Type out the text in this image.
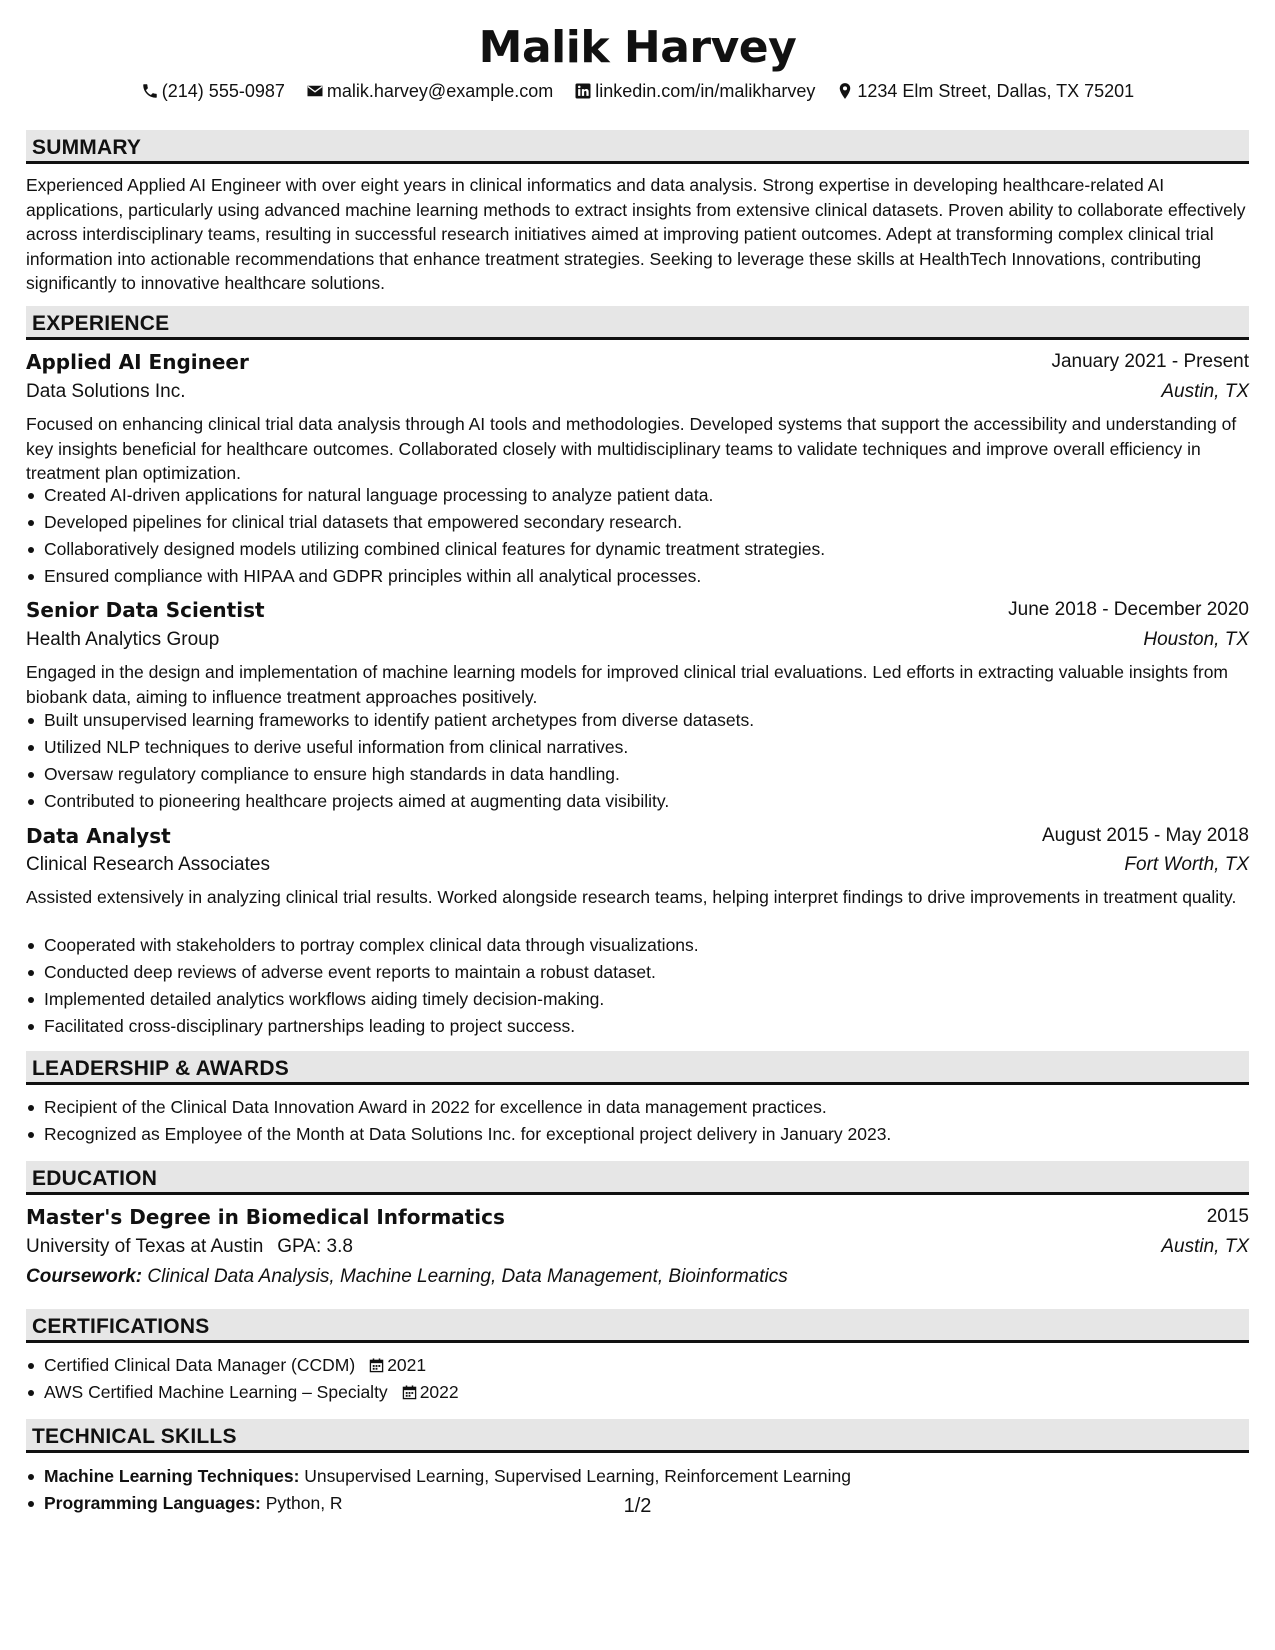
Malik Harvey
(214) 555-0987 malik.harvey@example.com linkedin.com/in/malikharvey 1234 Elm Street, Dallas, TX 75201
SUMMARY
Experienced Applied AI Engineer with over eight years in clinical informatics and data analysis. Strong expertise in developing healthcare-related AI applications, particularly using advanced machine learning methods to extract insights from extensive clinical datasets. Proven ability to collaborate effectively across interdisciplinary teams, resulting in successful research initiatives aimed at improving patient outcomes. Adept at transforming complex clinical trial information into actionable recommendations that enhance treatment strategies. Seeking to leverage these skills at HealthTech Innovations, contributing significantly to innovative healthcare solutions.
EXPERIENCE
Applied AI Engineer	January 2021 - Present
Data Solutions Inc.	Austin, TX
Focused on enhancing clinical trial data analysis through AI tools and methodologies. Developed systems that support the accessibility and understanding of key insights beneficial for healthcare outcomes. Collaborated closely with multidisciplinary teams to validate techniques and improve overall efficiency in treatment plan optimization.
Created AI-driven applications for natural language processing to analyze patient data.
Developed pipelines for clinical trial datasets that empowered secondary research.
Collaboratively designed models utilizing combined clinical features for dynamic treatment strategies.
Ensured compliance with HIPAA and GDPR principles within all analytical processes.
Senior Data Scientist	June 2018 - December 2020
Health Analytics Group	Houston, TX
Engaged in the design and implementation of machine learning models for improved clinical trial evaluations. Led efforts in extracting valuable insights from biobank data, aiming to influence treatment approaches positively.
Built unsupervised learning frameworks to identify patient archetypes from diverse datasets.
Utilized NLP techniques to derive useful information from clinical narratives.
Oversaw regulatory compliance to ensure high standards in data handling.
Contributed to pioneering healthcare projects aimed at augmenting data visibility.
Data Analyst	August 2015 - May 2018
Clinical Research Associates	Fort Worth, TX
Assisted extensively in analyzing clinical trial results. Worked alongside research teams, helping interpret findings to drive improvements in treatment quality.
Cooperated with stakeholders to portray complex clinical data through visualizations.
Conducted deep reviews of adverse event reports to maintain a robust dataset.
Implemented detailed analytics workflows aiding timely decision-making.
Facilitated cross-disciplinary partnerships leading to project success.
LEADERSHIP & AWARDS
Recipient of the Clinical Data Innovation Award in 2022 for excellence in data management practices.
Recognized as Employee of the Month at Data Solutions Inc. for exceptional project delivery in January 2023.
EDUCATION
Master's Degree in Biomedical Informatics	2015
University of Texas at Austin GPA: 3.8	Austin, TX
Coursework: Clinical Data Analysis, Machine Learning, Data Management, Bioinformatics
CERTIFICATIONS
Certified Clinical Data Manager (CCDM) 2021
AWS Certified Machine Learning – Specialty 2022
TECHNICAL SKILLS
Machine Learning Techniques: Unsupervised Learning, Supervised Learning, Reinforcement Learning
Programming Languages: Python, R	1/2
